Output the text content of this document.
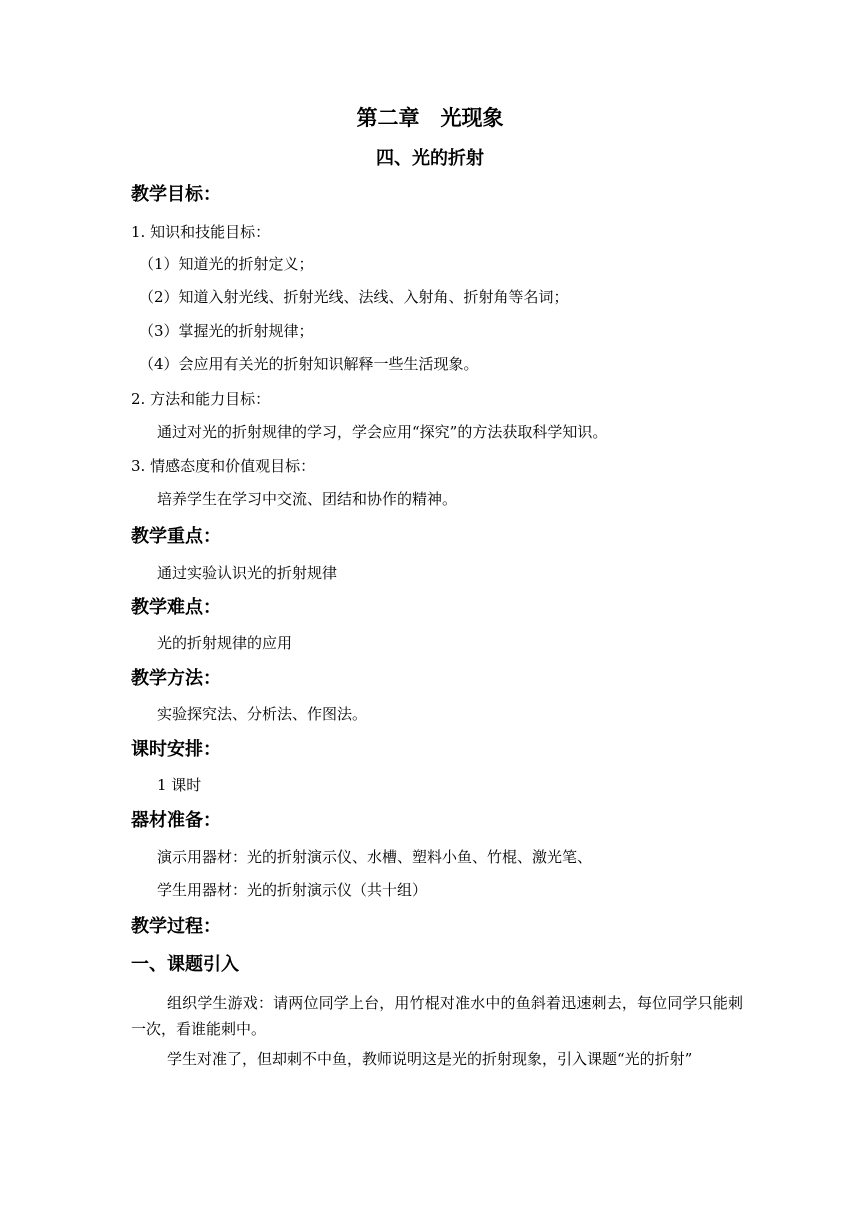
第二章　光现象
四、光的折射
教学目标：
1. 知识和技能目标：
（1）知道光的折射定义；
（2）知道入射光线、折射光线、法线、入射角、折射角等名词；
（3）掌握光的折射规律；
（4）会应用有关光的折射知识解释一些生活现象。
2. 方法和能力目标：
通过对光的折射规律的学习，学会应用“探究”的方法获取科学知识。
3. 情感态度和价值观目标：
培养学生在学习中交流、团结和协作的精神。
教学重点：
通过实验认识光的折射规律
教学难点：
光的折射规律的应用
教学方法：
实验探究法、分析法、作图法。
课时安排：
1 课时
器材准备：
演示用器材：光的折射演示仪、水槽、塑料小鱼、竹棍、激光笔、
学生用器材：光的折射演示仪（共十组）
教学过程：
一、课题引入
组织学生游戏：请两位同学上台，用竹棍对准水中的鱼斜着迅速刺去，每位同学只能刺一次，看谁能刺中。
学生对准了，但却刺不中鱼，教师说明这是光的折射现象，引入课题“光的折射”
